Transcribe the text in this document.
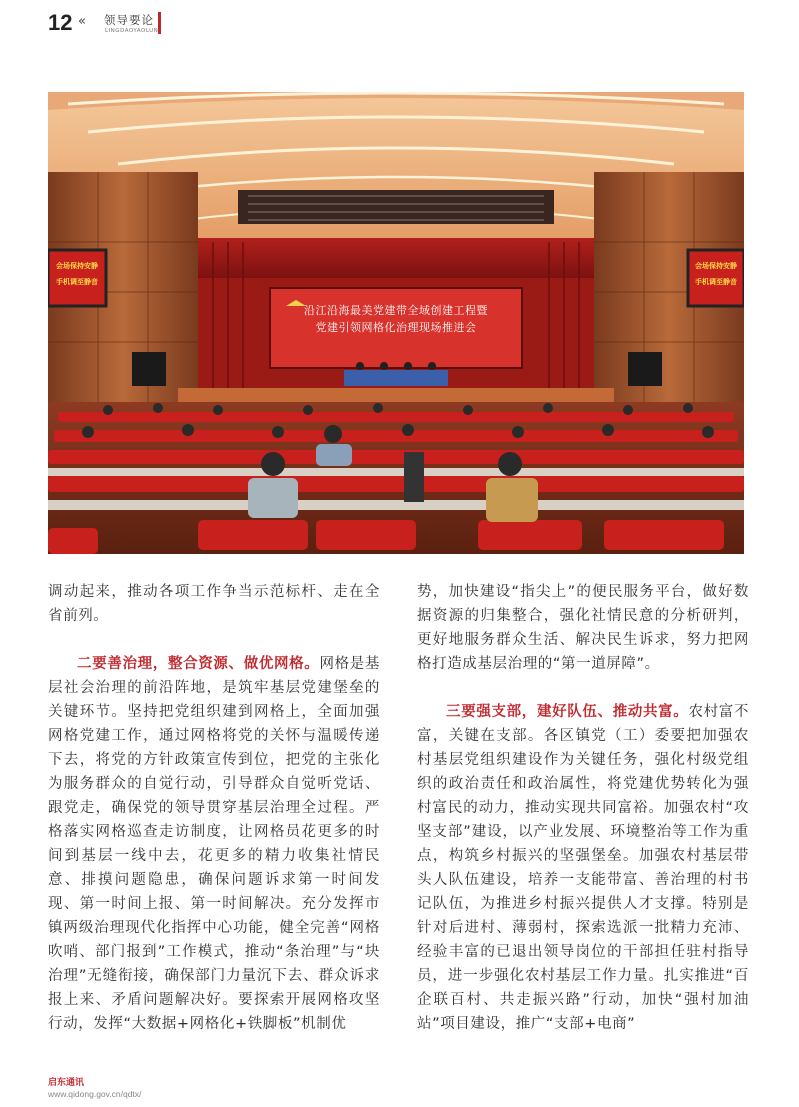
12 « 领导要论
LINGDAOYAOLUN
沿江沿海最美党建带全域创建工程暨
党建引领网格化治理现场推进会
会场保持安静
手机调至静音
会场保持安静
手机调至静音

调动起来，推动各项工作争当示范标杆、走在全省前列。

二要善治理，整合资源、做优网格。网格是基层社会治理的前沿阵地，是筑牢基层党建堡垒的关键环节。坚持把党组织建到网格上，全面加强网格党建工作，通过网格将党的关怀与温暖传递下去，将党的方针政策宣传到位，把党的主张化为服务群众的自觉行动，引导群众自觉听党话、跟党走，确保党的领导贯穿基层治理全过程。严格落实网格巡查走访制度，让网格员花更多的时间到基层一线中去，花更多的精力收集社情民意、排摸问题隐患，确保问题诉求第一时间发现、第一时间上报、第一时间解决。充分发挥市镇两级治理现代化指挥中心功能，健全完善“网格吹哨、部门报到”工作模式，推动“条治理”与“块治理”无缝衔接，确保部门力量沉下去、群众诉求报上来、矛盾问题解决好。要探索开展网格攻坚行动，发挥“大数据+网格化+铁脚板”机制优

势，加快建设“指尖上”的便民服务平台，做好数据资源的归集整合，强化社情民意的分析研判，更好地服务群众生活、解决民生诉求，努力把网格打造成基层治理的“第一道屏障”。

三要强支部，建好队伍、推动共富。农村富不富，关键在支部。各区镇党（工）委要把加强农村基层党组织建设作为关键任务，强化村级党组织的政治责任和政治属性，将党建优势转化为强村富民的动力，推动实现共同富裕。加强农村“攻坚支部”建设，以产业发展、环境整治等工作为重点，构筑乡村振兴的坚强堡垒。加强农村基层带头人队伍建设，培养一支能带富、善治理的村书记队伍，为推进乡村振兴提供人才支撑。特别是针对后进村、薄弱村，探索选派一批精力充沛、经验丰富的已退出领导岗位的干部担任驻村指导员，进一步强化农村基层工作力量。扎实推进“百企联百村、共走振兴路”行动，加快“强村加油站”项目建设，推广“支部+电商”

启东通讯
www.qidong.gov.cn/qdtx/
